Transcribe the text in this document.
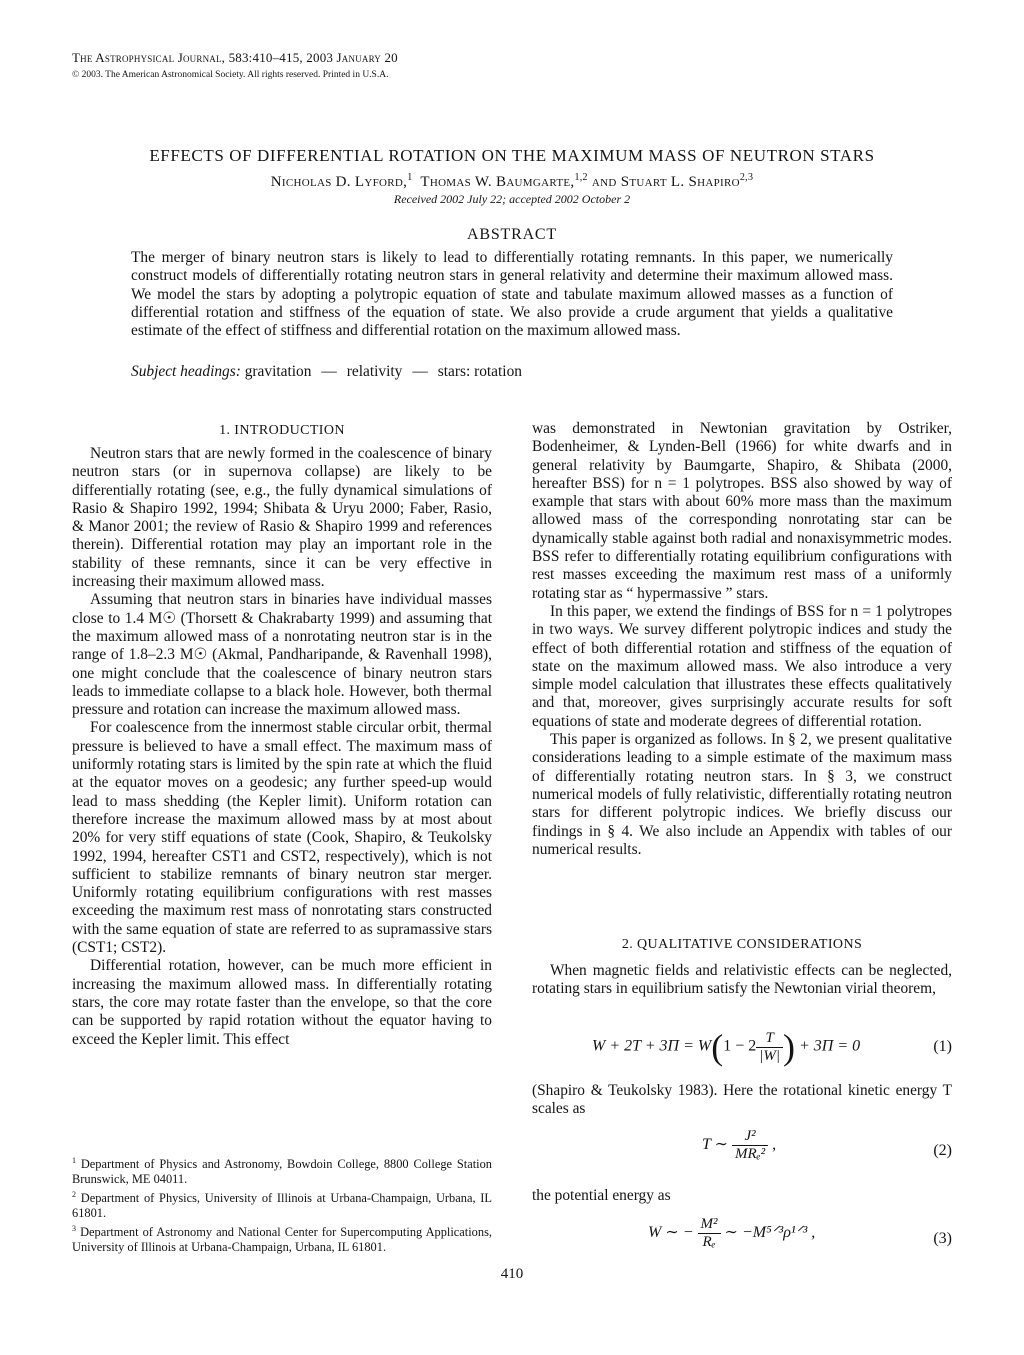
The Astrophysical Journal, 583:410–415, 2003 January 20
© 2003. The American Astronomical Society. All rights reserved. Printed in U.S.A.
EFFECTS OF DIFFERENTIAL ROTATION ON THE MAXIMUM MASS OF NEUTRON STARS
Nicholas D. Lyford,$^1$ Thomas W. Baumgarte,$^{1,2}$ and Stuart L. Shapiro$^{2,3}$
Received 2002 July 22; accepted 2002 October 2
ABSTRACT

The merger of binary neutron stars is likely to lead to differentially rotating remnants. In this paper, we numerically construct models of differentially rotating neutron stars in general relativity and determine their maximum allowed mass. We model the stars by adopting a polytropic equation of state and tabulate maximum allowed masses as a function of differential rotation and stiffness of the equation of state. We also provide a crude argument that yields a qualitative estimate of the effect of stiffness and differential rotation on the maximum allowed mass.

Subject headings: gravitation — relativity — stars: rotation
1. INTRODUCTION

Neutron stars that are newly formed in the coalescence of binary neutron stars (or in supernova collapse) are likely to be differentially rotating (see, e.g., the fully dynamical simulations of Rasio & Shapiro 1992, 1994; Shibata & Uryu 2000; Faber, Rasio, & Manor 2001; the review of Rasio & Shapiro 1999 and references therein). Differential rotation may play an important role in the stability of these remnants, since it can be very effective in increasing their maximum allowed mass.

Assuming that neutron stars in binaries have individual masses close to 1.4 M☉ (Thorsett & Chakrabarty 1999) and assuming that the maximum allowed mass of a nonrotating neutron star is in the range of 1.8–2.3 M☉ (Akmal, Pandharipande, & Ravenhall 1998), one might conclude that the coalescence of binary neutron stars leads to immediate collapse to a black hole. However, both thermal pressure and rotation can increase the maximum allowed mass.

For coalescence from the innermost stable circular orbit, thermal pressure is believed to have a small effect. The maximum mass of uniformly rotating stars is limited by the spin rate at which the fluid at the equator moves on a geodesic; any further speed-up would lead to mass shedding (the Kepler limit). Uniform rotation can therefore increase the maximum allowed mass by at most about 20% for very stiff equations of state (Cook, Shapiro, & Teukolsky 1992, 1994, hereafter CST1 and CST2, respectively), which is not sufficient to stabilize remnants of binary neutron star merger. Uniformly rotating equilibrium configurations with rest masses exceeding the maximum rest mass of nonrotating stars constructed with the same equation of state are referred to as supramassive stars (CST1; CST2).

Differential rotation, however, can be much more efficient in increasing the maximum allowed mass. In differentially rotating stars, the core may rotate faster than the envelope, so that the core can be supported by rapid rotation without the equator having to exceed the Kepler limit. This effect

was demonstrated in Newtonian gravitation by Ostriker, Bodenheimer, & Lynden-Bell (1966) for white dwarfs and in general relativity by Baumgarte, Shapiro, & Shibata (2000, hereafter BSS) for n = 1 polytropes. BSS also showed by way of example that stars with about 60% more mass than the maximum allowed mass of the corresponding nonrotating star can be dynamically stable against both radial and nonaxisymmetric modes. BSS refer to differentially rotating equilibrium configurations with rest masses exceeding the maximum rest mass of a uniformly rotating star as “ hypermassive ” stars.

In this paper, we extend the findings of BSS for n = 1 polytropes in two ways. We survey different polytropic indices and study the effect of both differential rotation and stiffness of the equation of state on the maximum allowed mass. We also introduce a very simple model calculation that illustrates these effects qualitatively and that, moreover, gives surprisingly accurate results for soft equations of state and moderate degrees of differential rotation.

This paper is organized as follows. In § 2, we present qualitative considerations leading to a simple estimate of the maximum mass of differentially rotating neutron stars. In § 3, we construct numerical models of fully relativistic, differentially rotating neutron stars for different polytropic indices. We briefly discuss our findings in § 4. We also include an Appendix with tables of our numerical results.

2. QUALITATIVE CONSIDERATIONS

When magnetic fields and relativistic effects can be neglected, rotating stars in equilibrium satisfy the Newtonian virial theorem,

$W + 2T + 3\Pi = W(1 - 2 \frac{T}{|W|}$ ) + 3Π = 0	(1)
(Shapiro & Teukolsky 1983). Here the rotational kinetic energy T scales as
T ∼ $\frac{\text{J²}}{\text{MRₑ²}}$ ,	(2)
the potential energy as
W ∼ − $\frac{\text{M²}}{\text{Rₑ}}$ ∼ −M⁵ᐟ³ρ¹ᐟ³ ,	(3)
$^1$ Department of Physics and Astronomy, Bowdoin College, 8800 College Station Brunswick, ME 04011.
$^2$ Department of Physics, University of Illinois at Urbana-Champaign, Urbana, IL 61801.
$^3$ Department of Astronomy and National Center for Supercomputing Applications, University of Illinois at Urbana-Champaign, Urbana, IL 61801.
410
